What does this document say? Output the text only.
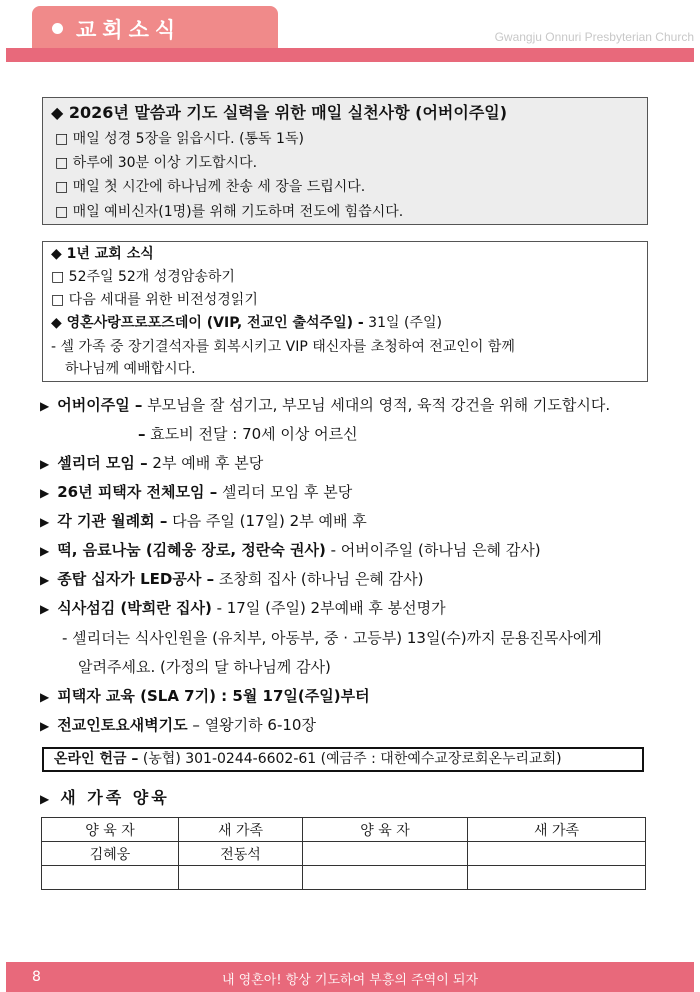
교회소식	Gwangju Onnuri Presbyterian Church
◆ 2026년 말씀과 기도 실력을 위한 매일 실천사항 (어버이주일)
□ 매일 성경 5장을 읽읍시다. (통독 1독)
□ 하루에 30분 이상 기도합시다.
□ 매일 첫 시간에 하나님께 찬송 세 장을 드립시다.
□ 매일 예비신자(1명)를 위해 기도하며 전도에 힘씁시다.
◆ 1년 교회 소식
□ 52주일 52개 성경암송하기
□ 다음 세대를 위한 비전성경읽기
◆ 영혼사랑프로포즈데이 (VIP, 전교인 출석주일) - 31일 (주일)
- 셀 가족 중 장기결석자를 회복시키고 VIP 태신자를 초청하여 전교인이 함께
하나님께 예배합시다.
▶ 어버이주일 – 부모님을 잘 섬기고, 부모님 세대의 영적, 육적 강건을 위해 기도합시다.
– 효도비 전달 : 70세 이상 어르신
▶ 셀리더 모임 – 2부 예배 후 본당
▶ 26년 피택자 전체모임 – 셀리더 모임 후 본당
▶ 각 기관 월례회 – 다음 주일 (17일) 2부 예배 후
▶ 떡, 음료나눔 (김혜웅 장로, 정란숙 권사) - 어버이주일 (하나님 은혜 감사)
▶ 종탑 십자가 LED공사 – 조창희 집사 (하나님 은혜 감사)
▶ 식사섬김 (박희란 집사) - 17일 (주일) 2부예배 후 봉선명가
- 셀리더는 식사인원을 (유치부, 아동부, 중 · 고등부) 13일(수)까지 문용진목사에게
알려주세요. (가정의 달 하나님께 감사)
▶ 피택자 교육 (SLA 7기) : 5월 17일(주일)부터
▶ 전교인토요새벽기도 – 열왕기하 6-10장
온라인 헌금 – (농협) 301-0244-6602-61 (예금주 : 대한예수교장로회온누리교회)
▶ 새 가족 양육
양 육 자	새 가족	양 육 자	새 가족
김혜웅	전동석		

8	내 영혼아! 항상 기도하여 부흥의 주역이 되자
